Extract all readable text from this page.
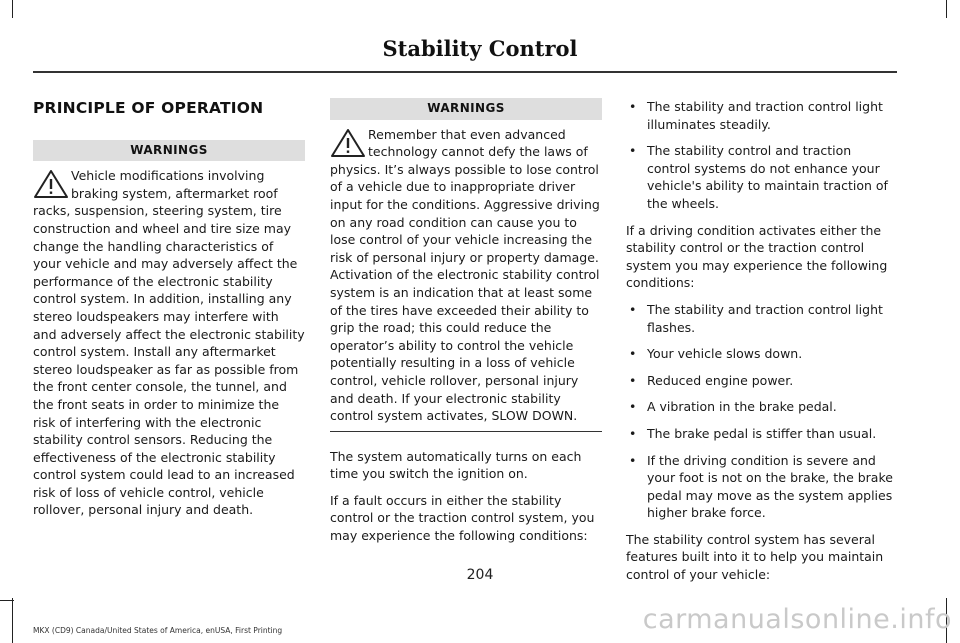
Stability Control
PRINCIPLE OF OPERATION
WARNINGS
Vehicle modifications involving braking system, aftermarket roof racks, suspension, steering system, tire construction and wheel and tire size may change the handling characteristics of your vehicle and may adversely affect the performance of the electronic stability control system. In addition, installing any stereo loudspeakers may interfere with and adversely affect the electronic stability control system. Install any aftermarket stereo loudspeaker as far as possible from the front center console, the tunnel, and the front seats in order to minimize the risk of interfering with the electronic stability control sensors. Reducing the effectiveness of the electronic stability control system could lead to an increased risk of loss of vehicle control, vehicle rollover, personal injury and death.
WARNINGS
Remember that even advanced technology cannot defy the laws of physics. It’s always possible to lose control of a vehicle due to inappropriate driver input for the conditions. Aggressive driving on any road condition can cause you to lose control of your vehicle increasing the risk of personal injury or property damage. Activation of the electronic stability control system is an indication that at least some of the tires have exceeded their ability to grip the road; this could reduce the operator’s ability to control the vehicle potentially resulting in a loss of vehicle control, vehicle rollover, personal injury and death. If your electronic stability control system activates, SLOW DOWN.

The system automatically turns on each time you switch the ignition on.

If a fault occurs in either the stability control or the traction control system, you may experience the following conditions:

• The stability and traction control light illuminates steadily.
• The stability control and traction control systems do not enhance your vehicle's ability to maintain traction of the wheels.

If a driving condition activates either the stability control or the traction control system you may experience the following conditions:

• The stability and traction control light flashes.
• Your vehicle slows down.
• Reduced engine power.
• A vibration in the brake pedal.
• The brake pedal is stiffer than usual.
• If the driving condition is severe and your foot is not on the brake, the brake pedal may move as the system applies higher brake force.

The stability control system has several features built into it to help you maintain control of your vehicle:

204
MKX (CD9) Canada/United States of America, enUSA, First Printing	carmanualsonline.info
